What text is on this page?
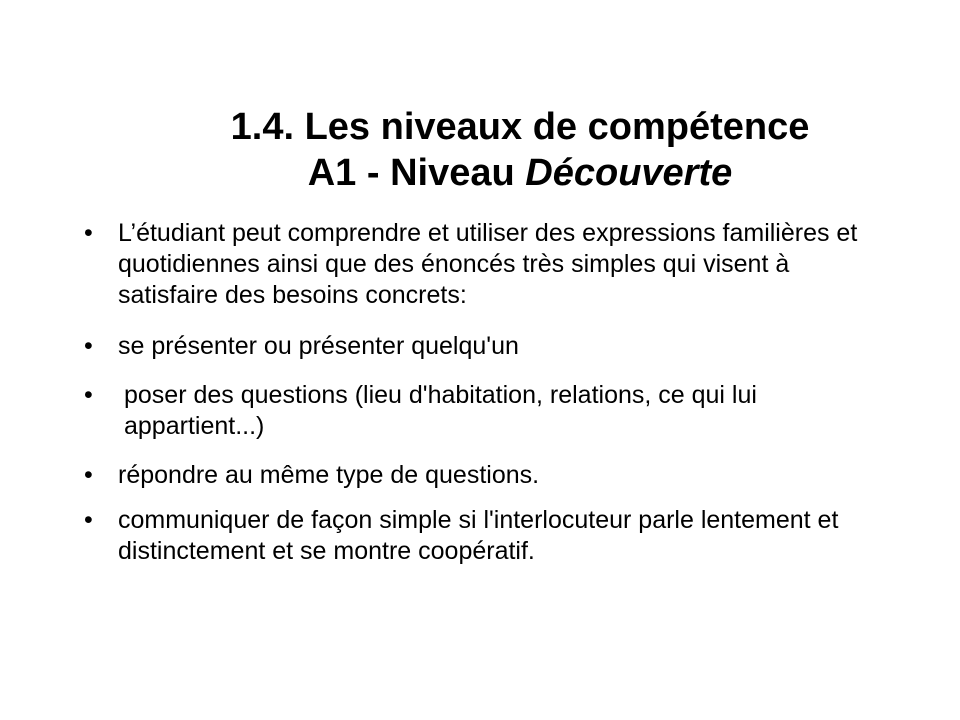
1.4. Les niveaux de compétence
A1 - Niveau Découverte
• L’étudiant peut comprendre et utiliser des expressions familières et quotidiennes ainsi que des énoncés très simples qui visent à satisfaire des besoins concrets:
• se présenter ou présenter quelqu'un
• poser des questions (lieu d'habitation, relations, ce qui lui appartient...)
• répondre au même type de questions.
• communiquer de façon simple si l'interlocuteur parle lentement et distinctement et se montre coopératif.
